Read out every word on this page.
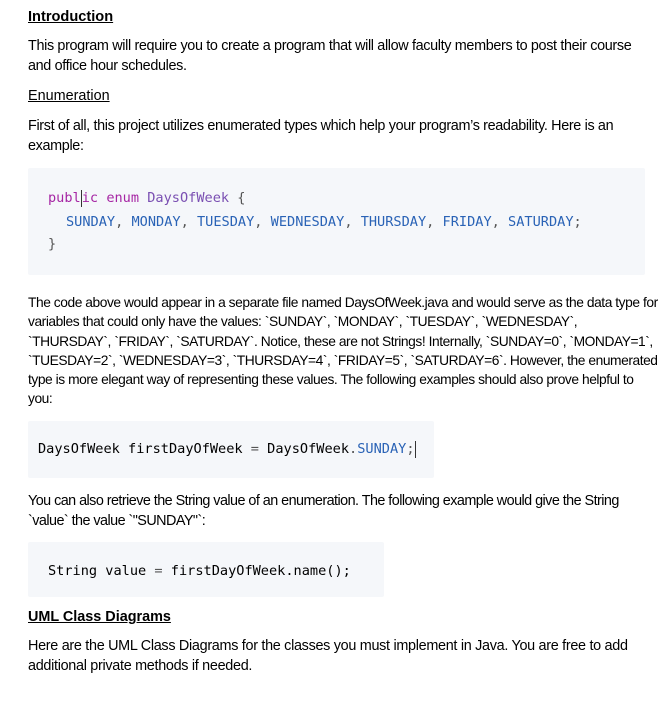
Introduction
This program will require you to create a program that will allow faculty members to post their course and office hour schedules.
Enumeration
First of all, this project utilizes enumerated types which help your program’s readability. Here is an example:
public enum DaysOfWeek {
SUNDAY, MONDAY, TUESDAY, WEDNESDAY, THURSDAY, FRIDAY, SATURDAY;
}
The code above would appear in a separate file named DaysOfWeek.java and would serve as the data type for variables that could only have the values: `SUNDAY`, `MONDAY`, `TUESDAY`, `WEDNESDAY`, `THURSDAY`, `FRIDAY`, `SATURDAY`. Notice, these are not Strings! Internally, `SUNDAY=0`, `MONDAY=1`, `TUESDAY=2`, `WEDNESDAY=3`, `THURSDAY=4`, `FRIDAY=5`, `SATURDAY=6`. However, the enumerated type is more elegant way of representing these values. The following examples should also prove helpful to you:
DaysOfWeek firstDayOfWeek = DaysOfWeek.SUNDAY;
You can also retrieve the String value of an enumeration. The following example would give the String `value` the value `"SUNDAY"`:
String value = firstDayOfWeek.name();
UML Class Diagrams
Here are the UML Class Diagrams for the classes you must implement in Java. You are free to add additional private methods if needed.
